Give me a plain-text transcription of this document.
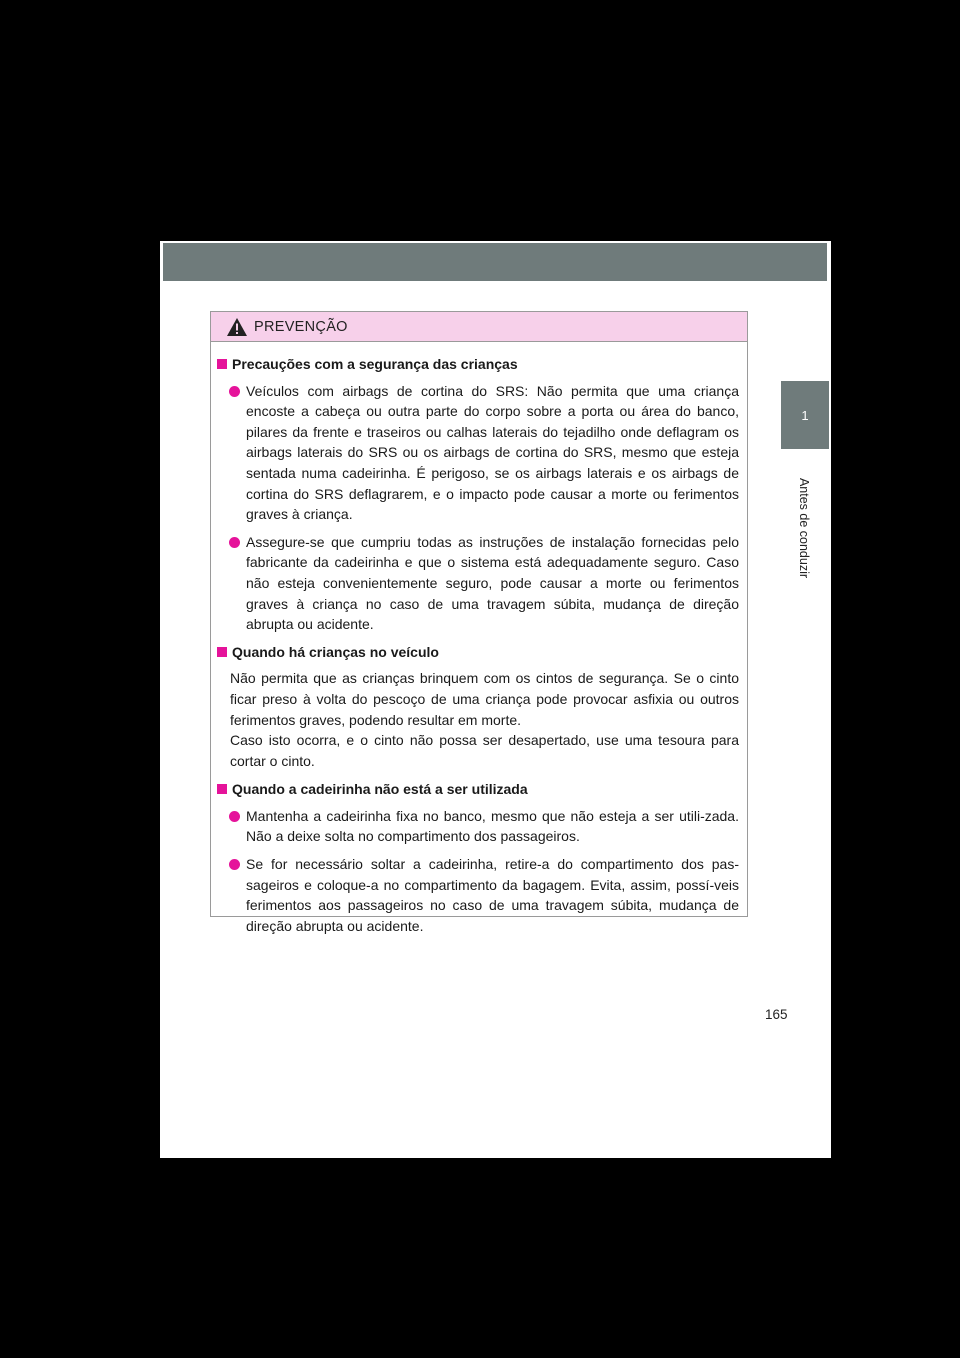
1
Antes de conduzir
PREVENÇÃO
Precauções com a segurança das crianças
Veículos com airbags de cortina do SRS: Não permita que uma criança encoste a cabeça ou outra parte do corpo sobre a porta ou área do banco, pilares da frente e traseiros ou calhas laterais do tejadilho onde deflagram os airbags laterais do SRS ou os airbags de cortina do SRS, mesmo que esteja sentada numa cadeirinha. É perigoso, se os airbags laterais e os airbags de cortina do SRS deflagrarem, e o impacto pode causar a morte ou ferimentos graves à criança.
Assegure-se que cumpriu todas as instruções de instalação fornecidas pelo fabricante da cadeirinha e que o sistema está adequadamente seguro. Caso não esteja convenientemente seguro, pode causar a morte ou ferimentos graves à criança no caso de uma travagem súbita, mudança de direção abrupta ou acidente.
Quando há crianças no veículo

Não permita que as crianças brinquem com os cintos de segurança. Se o cinto ficar preso à volta do pescoço de uma criança pode provocar asfixia ou outros ferimentos graves, podendo resultar em morte.

Caso isto ocorra, e o cinto não possa ser desapertado, use uma tesoura para cortar o cinto.

Quando a cadeirinha não está a ser utilizada
Mantenha a cadeirinha fixa no banco, mesmo que não esteja a ser utili-zada. Não a deixe solta no compartimento dos passageiros.
Se for necessário soltar a cadeirinha, retire-a do compartimento dos pas-sageiros e coloque-a no compartimento da bagagem. Evita, assim, possí-veis ferimentos aos passageiros no caso de uma travagem súbita, mudança de direção abrupta ou acidente.
165
